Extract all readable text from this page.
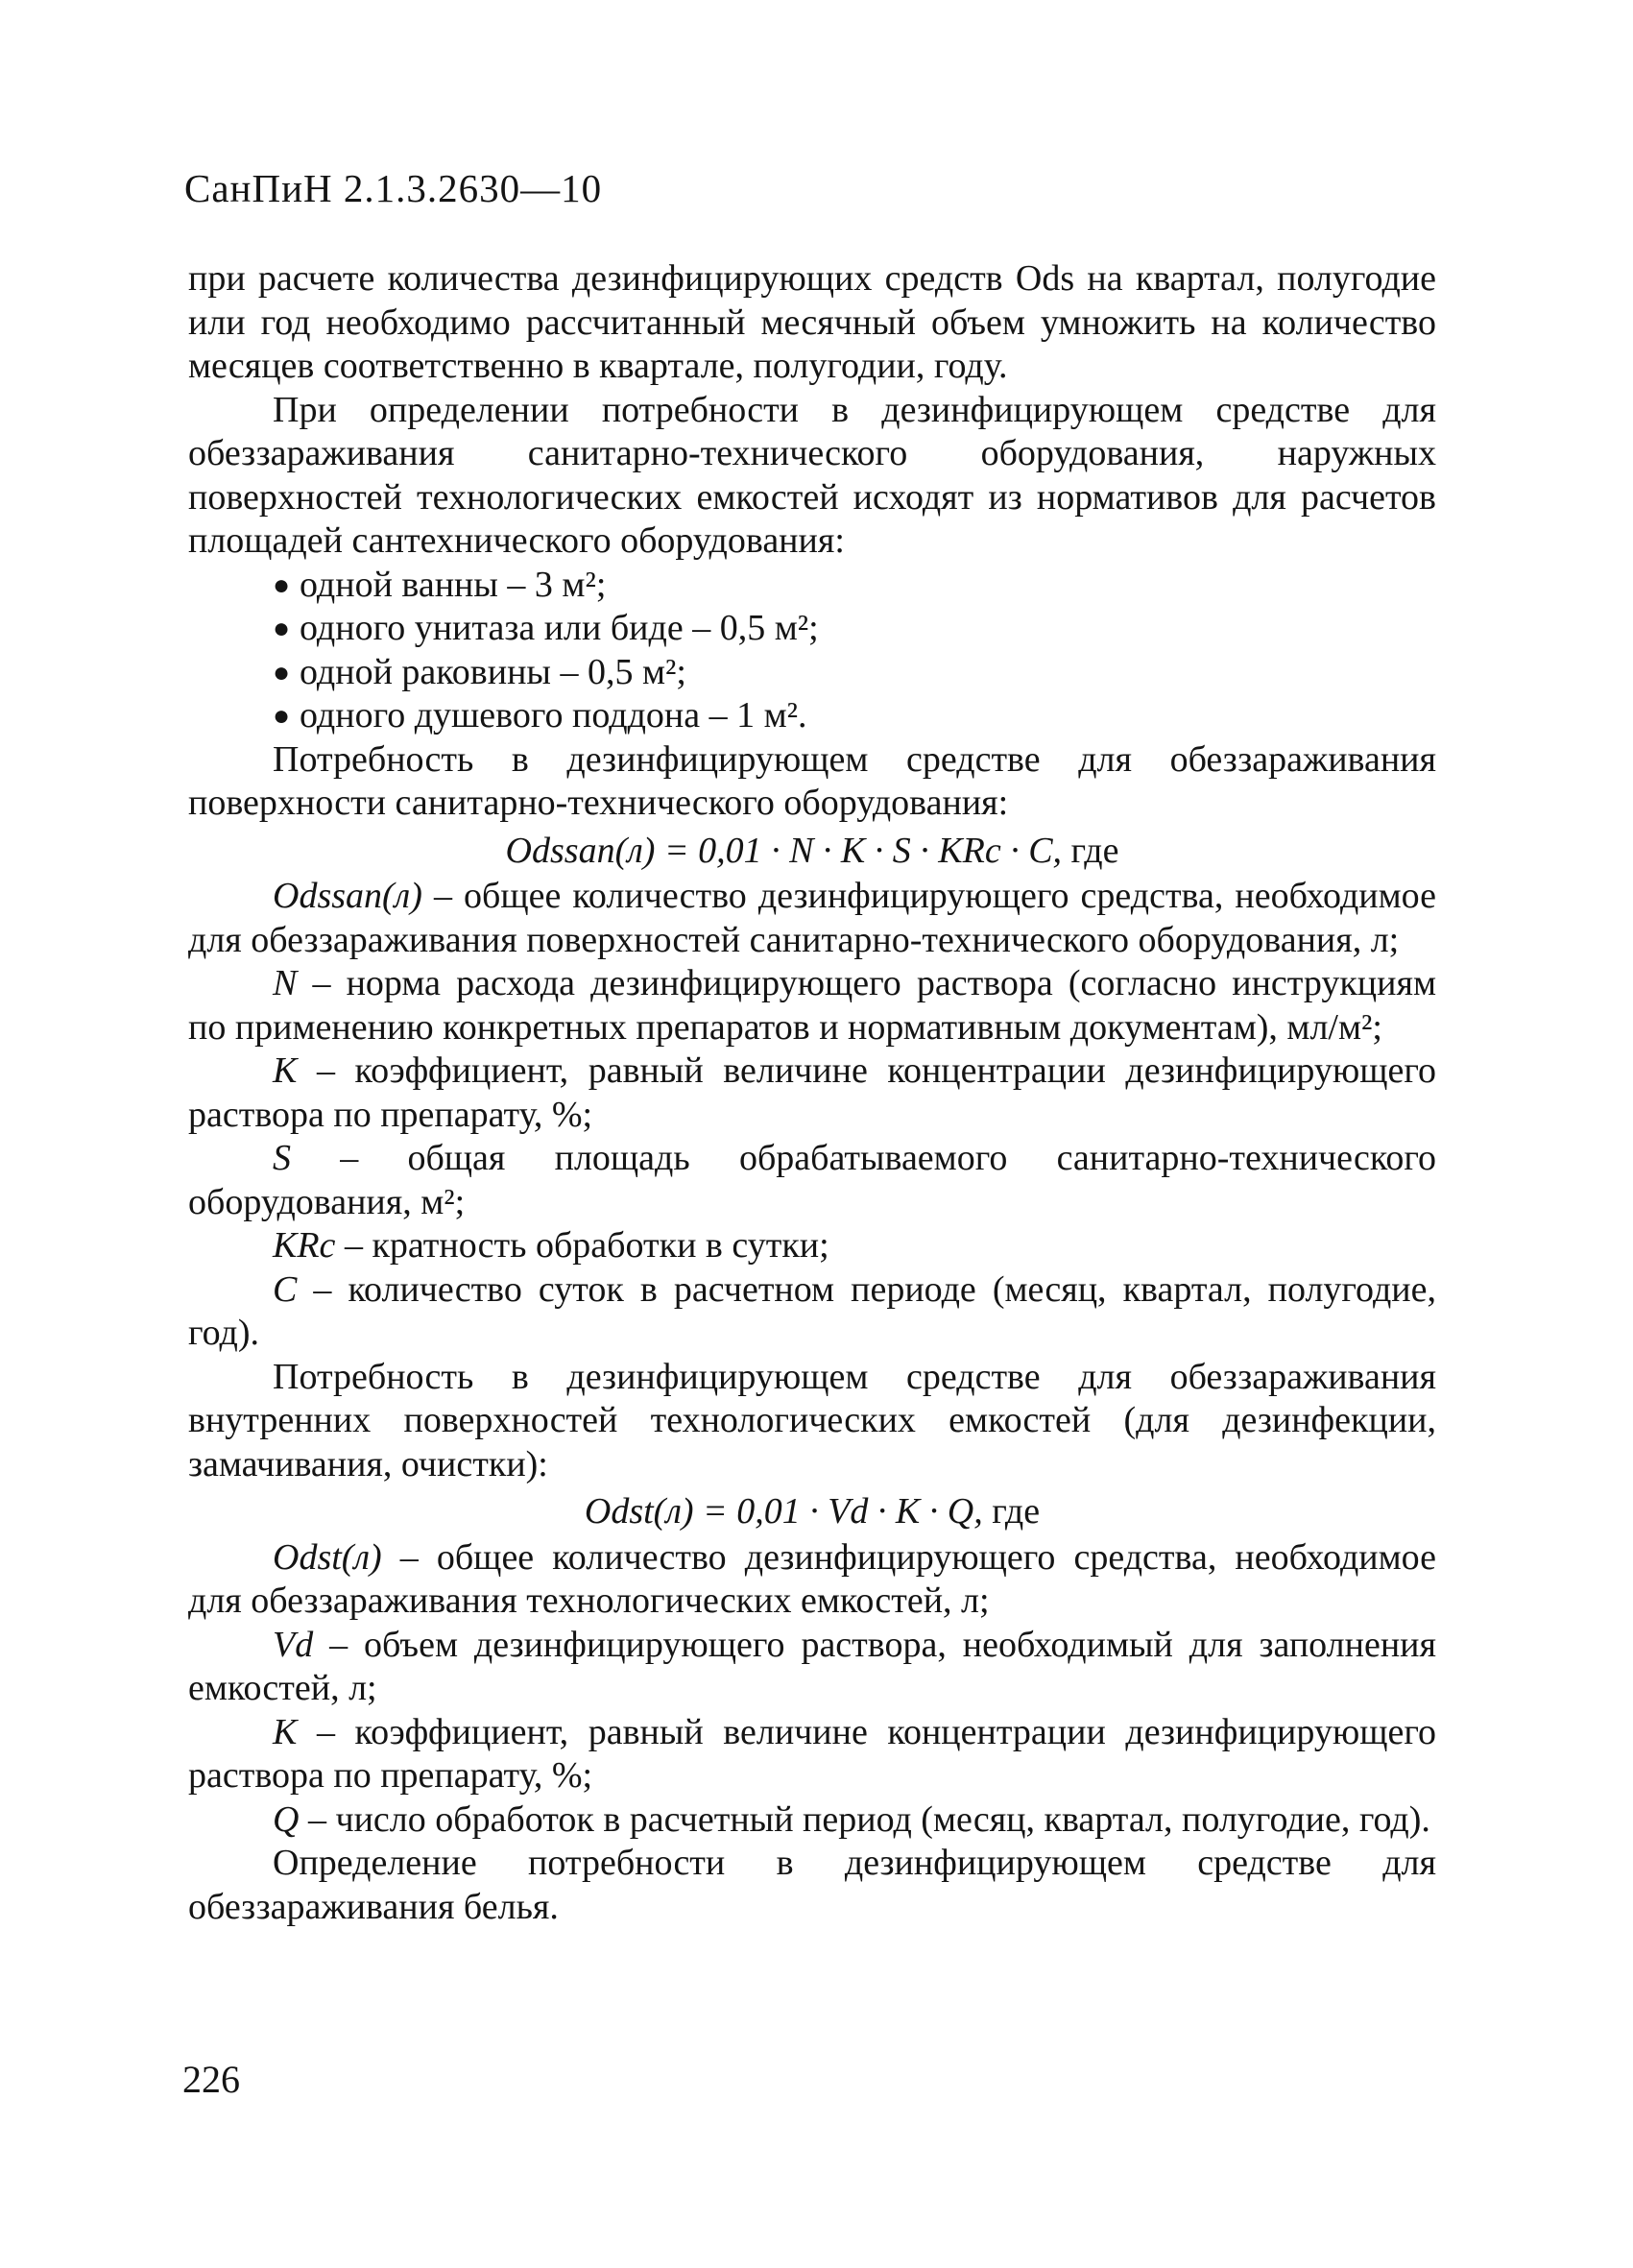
СанПиН 2.1.3.2630—10

при расчете количества дезинфицирующих средств Ods на квартал, полугодие или год необходимо рассчитанный месячный объем умножить на количество месяцев соответственно в квартале, полугодии, году.

При определении потребности в дезинфицирующем средстве для обеззараживания санитарно-технического оборудования, наружных поверхностей технологических емкостей исходят из нормативов для расчетов площадей сантехнического оборудования:

● одной ванны – 3 м²;
● одного унитаза или биде – 0,5 м²;
● одной раковины – 0,5 м²;
● одного душевого поддона – 1 м².

Потребность в дезинфицирующем средстве для обеззараживания поверхности санитарно-технического оборудования:

Odssan(л) = 0,01 · N · K · S · KRc · C, где

Odssan(л) – общее количество дезинфицирующего средства, необходимое для обеззараживания поверхностей санитарно-технического оборудования, л;

N – норма расхода дезинфицирующего раствора (согласно инструкциям по применению конкретных препаратов и нормативным документам), мл/м²;

K – коэффициент, равный величине концентрации дезинфицирующего раствора по препарату, %;

S – общая площадь обрабатываемого санитарно-технического оборудования, м²;

KRс – кратность обработки в сутки;

C – количество суток в расчетном периоде (месяц, квартал, полугодие, год).

Потребность в дезинфицирующем средстве для обеззараживания внутренних поверхностей технологических емкостей (для дезинфекции, замачивания, очистки):

Odst(л) = 0,01 · Vd · K · Q, где

Odst(л) – общее количество дезинфицирующего средства, необходимое для обеззараживания технологических емкостей, л;

Vd – объем дезинфицирующего раствора, необходимый для заполнения емкостей, л;

K – коэффициент, равный величине концентрации дезинфицирующего раствора по препарату, %;

Q – число обработок в расчетный период (месяц, квартал, полугодие, год).

Определение потребности в дезинфицирующем средстве для обеззараживания белья.

226
